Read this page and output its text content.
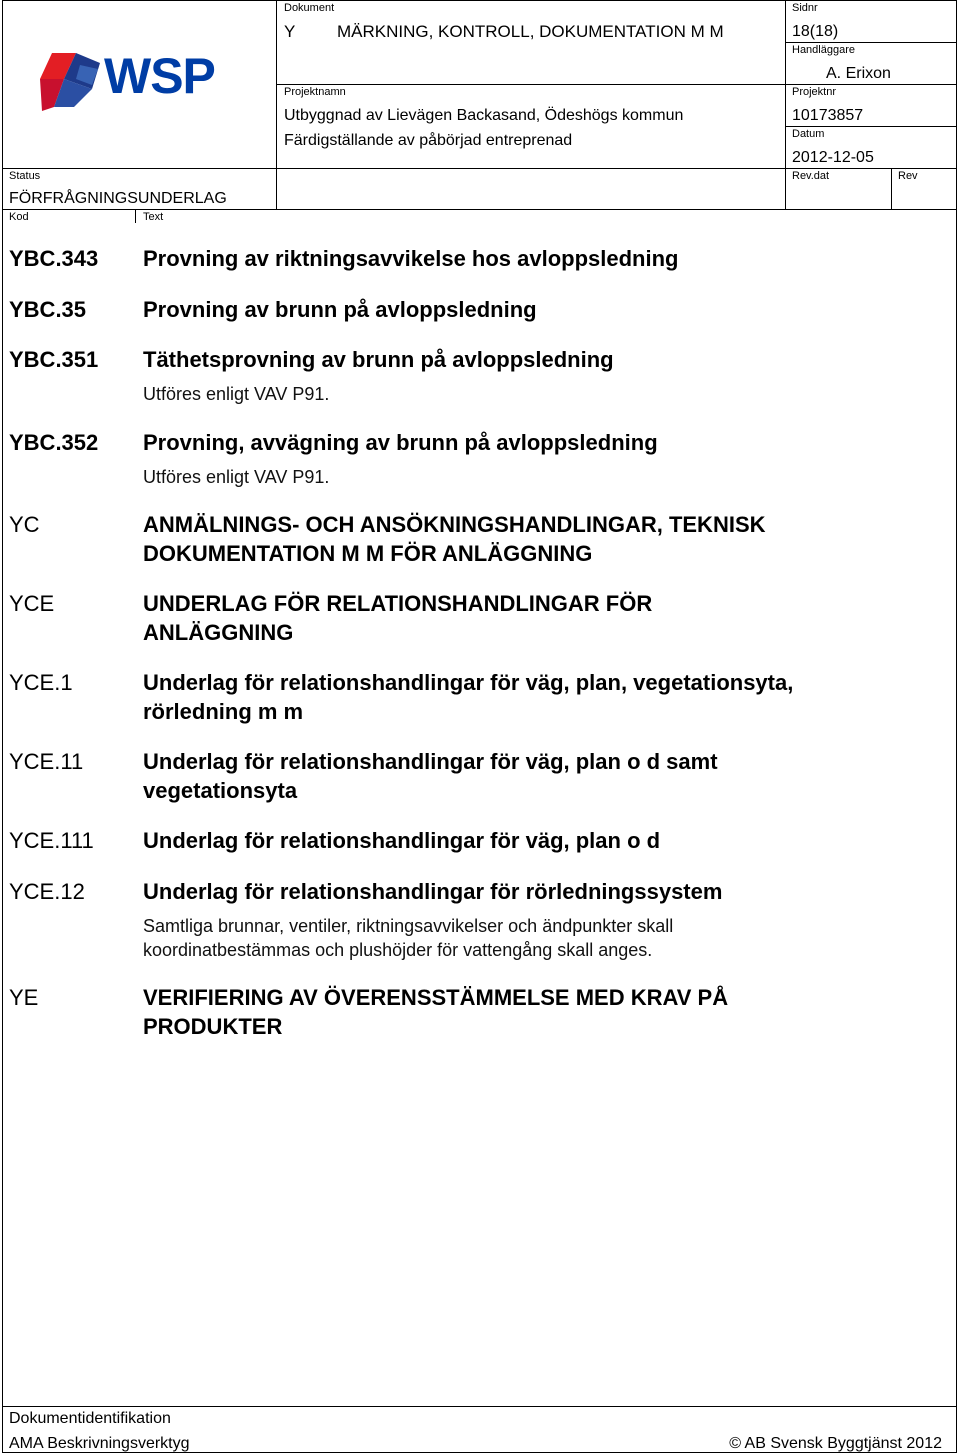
WSP
Dokument
Y MÄRKNING, KONTROLL, DOKUMENTATION M M
Sidnr
18(18)
Handläggare
A. Erixon
Projektnamn
Utbyggnad av Lievägen Backasand, Ödeshögs kommun
Färdigställande av påbörjad entreprenad
Projektnr
10173857
Datum
2012-12-05
Status
FÖRFRÅGNINGSUNDERLAG
Rev.dat	Rev
Kod	Text
YBC.343 Provning av riktningsavvikelse hos avloppsledning
YBC.35	Provning av brunn på avloppsledning
YBC.351 Täthetsprovning av brunn på avloppsledning
Utföres enligt VAV P91.
YBC.352 Provning, avvägning av brunn på avloppsledning
Utföres enligt VAV P91.
YC	ANMÄLNINGS- OCH ANSÖKNINGSHANDLINGAR, TEKNISK DOKUMENTATION M M FÖR ANLÄGGNING
YCE	UNDERLAG FÖR RELATIONSHANDLINGAR FÖR ANLÄGGNING
YCE.1	Underlag för relationshandlingar för väg, plan, vegetationsyta, rörledning m m
YCE.11	Underlag för relationshandlingar för väg, plan o d samt vegetationsyta
YCE.111 Underlag för relationshandlingar för väg, plan o d
YCE.12	Underlag för relationshandlingar för rörledningssystem
Samtliga brunnar, ventiler, riktningsavvikelser och ändpunkter skall koordinatbestämmas och plushöjder för vattengång skall anges.
YE	VERIFIERING AV ÖVERENSSTÄMMELSE MED KRAV PÅ PRODUKTER
Dokumentidentifikation
AMA Beskrivningsverktyg	© AB Svensk Byggtjänst 2012
